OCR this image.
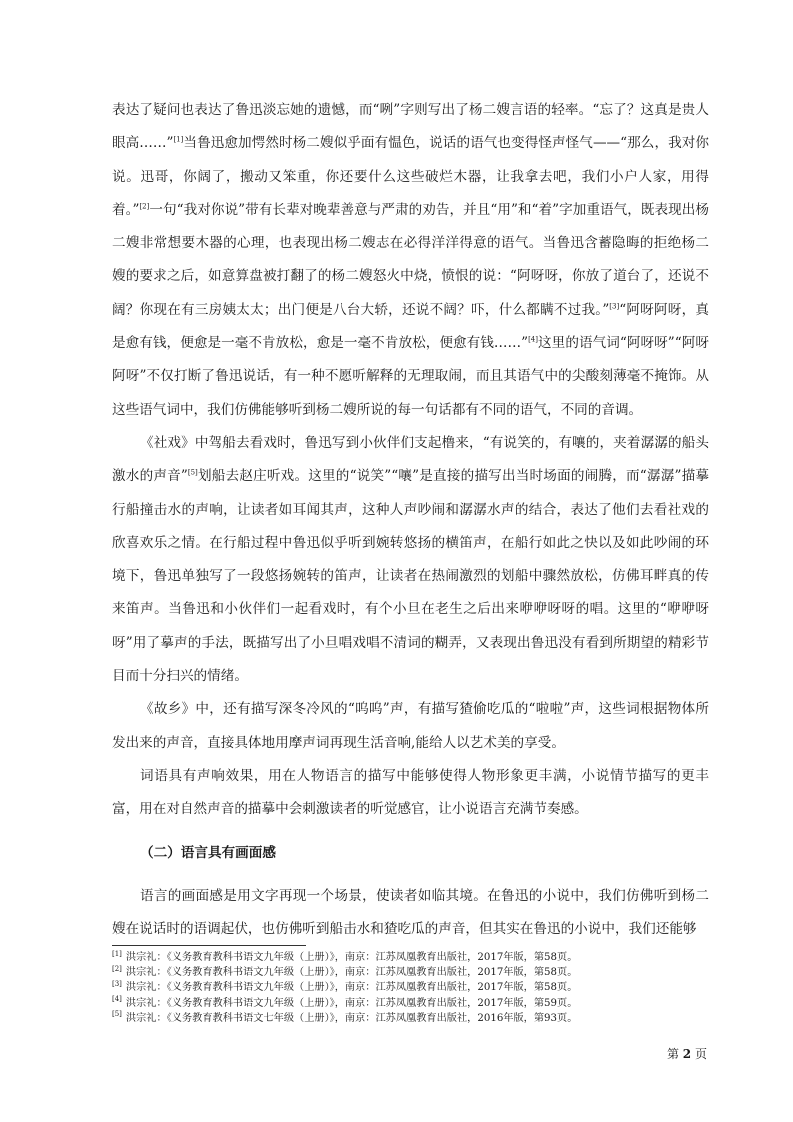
表达了疑问也表达了鲁迅淡忘她的遗憾，而“咧”字则写出了杨二嫂言语的轻率。“忘了？这真是贵人眼高……”[1]当鲁迅愈加愕然时杨二嫂似乎面有愠色，说话的语气也变得怪声怪气——“那么，我对你说。迅哥，你阔了，搬动又笨重，你还要什么这些破烂木器，让我拿去吧，我们小户人家，用得着。”[2]一句“我对你说”带有长辈对晚辈善意与严肃的劝告，并且“用”和“着”字加重语气，既表现出杨二嫂非常想要木器的心理，也表现出杨二嫂志在必得洋洋得意的语气。当鲁迅含蓄隐晦的拒绝杨二嫂的要求之后，如意算盘被打翻了的杨二嫂怒火中烧，愤恨的说：“阿呀呀，你放了道台了，还说不阔？你现在有三房姨太太；出门便是八台大轿，还说不阔？吓，什么都瞒不过我。”[3]“阿呀阿呀，真是愈有钱，便愈是一毫不肯放松，愈是一毫不肯放松，便愈有钱……”[4]这里的语气词“阿呀呀”“阿呀阿呀”不仅打断了鲁迅说话，有一种不愿听解释的无理取闹，而且其语气中的尖酸刻薄毫不掩饰。从这些语气词中，我们仿佛能够听到杨二嫂所说的每一句话都有不同的语气，不同的音调。

《社戏》中驾船去看戏时，鲁迅写到小伙伴们支起橹来，“有说笑的，有嚷的，夹着潺潺的船头激水的声音”[5]划船去赵庄听戏。这里的“说笑”“嚷”是直接的描写出当时场面的闹腾，而“潺潺”描摹行船撞击水的声响，让读者如耳闻其声，这种人声吵闹和潺潺水声的结合，表达了他们去看社戏的欣喜欢乐之情。在行船过程中鲁迅似乎听到婉转悠扬的横笛声，在船行如此之快以及如此吵闹的环境下，鲁迅单独写了一段悠扬婉转的笛声，让读者在热闹激烈的划船中骤然放松，仿佛耳畔真的传来笛声。当鲁迅和小伙伴们一起看戏时，有个小旦在老生之后出来咿咿呀呀的唱。这里的“咿咿呀呀”用了摹声的手法，既描写出了小旦唱戏唱不清词的糊弄，又表现出鲁迅没有看到所期望的精彩节目而十分扫兴的情绪。

《故乡》中，还有描写深冬冷风的“呜呜”声，有描写猹偷吃瓜的“啦啦”声，这些词根据物体所发出来的声音，直接具体地用摩声词再现生活音响,能给人以艺术美的享受。

词语具有声响效果，用在人物语言的描写中能够使得人物形象更丰满，小说情节描写的更丰富，用在对自然声音的描摹中会刺激读者的听觉感官，让小说语言充满节奏感。

（二）语言具有画面感

语言的画面感是用文字再现一个场景，使读者如临其境。在鲁迅的小说中，我们仿佛听到杨二嫂在说话时的语调起伏，也仿佛听到船击水和猹吃瓜的声音，但其实在鲁迅的小说中，我们还能够

[1] 洪宗礼：《义务教育教科书语文九年级（上册）》，南京：江苏凤凰教育出版社，2017年版，第58页。

[2] 洪宗礼：《义务教育教科书语文九年级（上册）》，南京：江苏凤凰教育出版社，2017年版，第58页。

[3] 洪宗礼：《义务教育教科书语文九年级（上册）》，南京：江苏凤凰教育出版社，2017年版，第58页。

[4] 洪宗礼：《义务教育教科书语文九年级（上册）》，南京：江苏凤凰教育出版社，2017年版，第59页。

[5] 洪宗礼：《义务教育教科书语文七年级（上册）》，南京：江苏凤凰教育出版社，2016年版，第93页。

第 2 页
